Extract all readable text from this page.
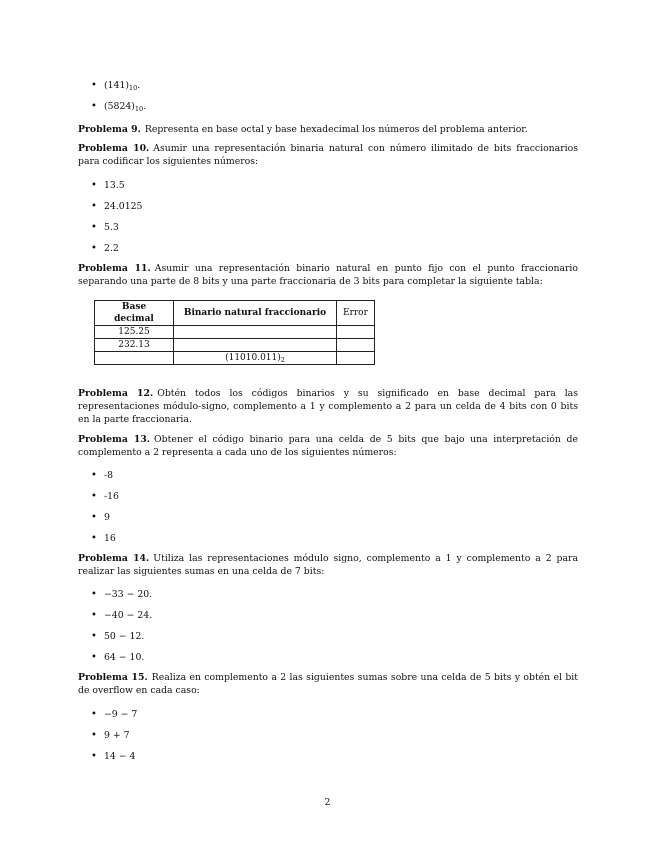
• $(141)_{10}$.
• $(5824)_{10}$.

Problema 9. Representa en base octal y base hexadecimal los números del problema anterior.

Problema 10. Asumir una representación binaria natural con número ilimitado de bits fraccionarios para codificar los siguientes números:

• 13.5
• 24.0125
• 5.3
• 2.2

Problema 11. Asumir una representación binario natural en punto fijo con el punto fraccionario separando una parte de 8 bits y una parte fraccionaria de 3 bits para completar la siguiente tabla:

Base decimal	Binario natural fraccionario	Error
125.25		
232.13		
	$(11010.011)_2$	

Problema 12. Obtén todos los códigos binarios y su significado en base decimal para las representaciones módulo-signo, complemento a 1 y complemento a 2 para un celda de 4 bits con 0 bits en la parte fraccionaria.

Problema 13. Obtener el código binario para una celda de 5 bits que bajo una interpretación de complemento a 2 representa a cada uno de los siguientes números:

• -8
• -16
• 9
• 16

Problema 14. Utiliza las representaciones módulo signo, complemento a 1 y complemento a 2 para realizar las siguientes sumas en una celda de 7 bits:

• −33 − 20.
• −40 − 24.
• 50 − 12.
• 64 − 10.

Problema 15. Realiza en complemento a 2 las siguientes sumas sobre una celda de 5 bits y obtén el bit de overflow en cada caso:

• −9 − 7
• 9 + 7
• 14 − 4
2
